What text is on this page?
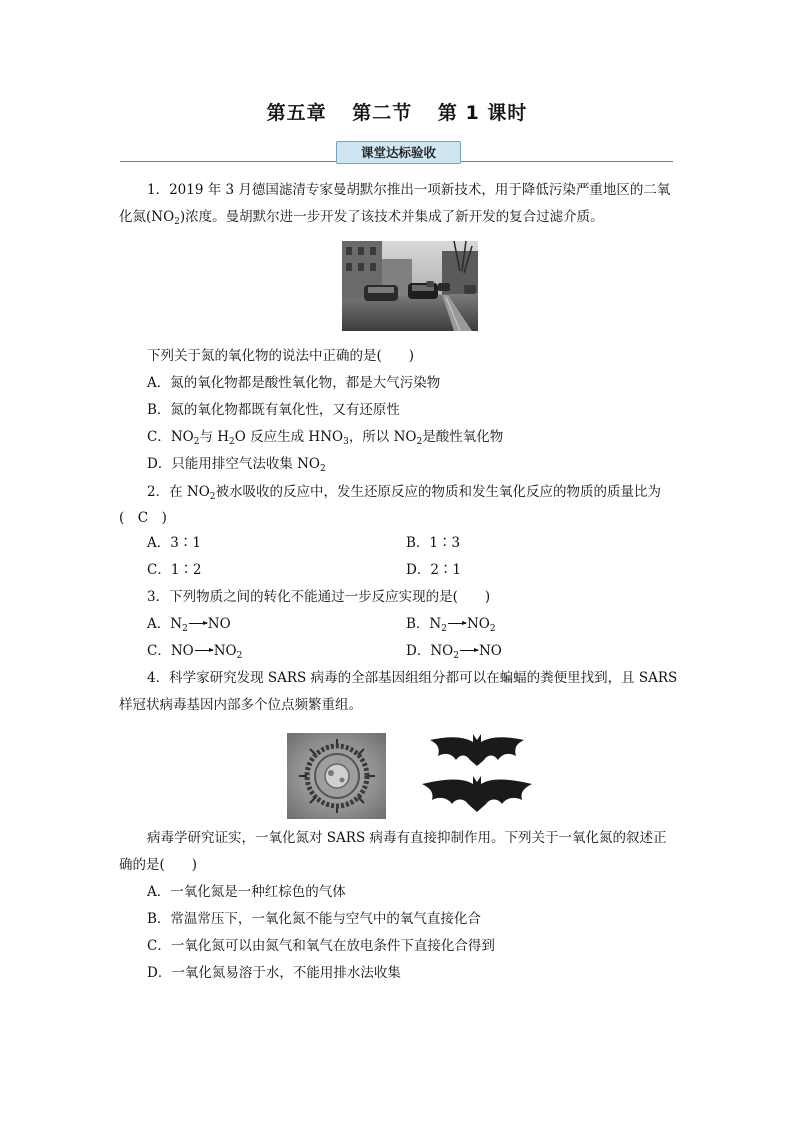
第五章 第二节 第 1 课时
课堂达标验收
1．2019 年 3 月德国滤清专家曼胡默尔推出一项新技术，用于降低污染严重地区的二氧
化氮$(NO_2)$浓度。曼胡默尔进一步开发了该技术并集成了新开发的复合过滤介质。
下列关于氮的氧化物的说法中正确的是(　　)
A．氮的氧化物都是酸性氧化物，都是大气污染物
B．氮的氧化物都既有氧化性，又有还原性
C．$NO_2$与 $H_2O$ 反应生成 $HNO_3$，所以 $NO_2$是酸性氧化物
D．只能用排空气法收集 $NO_2$
2．在 $NO_2$被水吸收的反应中，发生还原反应的物质和发生氧化反应的物质的质量比为
(　C　)
A．3∶1	B．1∶3
C．1∶2	D．2∶1
3．下列物质之间的转化不能通过一步反应实现的是(　　)
A．$N_2 \to NO$	B．$N_2 \to NO_2$
C．$NO\to NO_2$	D．$NO_2 \to NO$
4．科学家研究发现 SARS 病毒的全部基因组组分都可以在蝙蝠的粪便里找到，且 SARS
样冠状病毒基因内部多个位点频繁重组。
病毒学研究证实，一氧化氮对 SARS 病毒有直接抑制作用。下列关于一氧化氮的叙述正
确的是(　　)
A．一氧化氮是一种红棕色的气体
B．常温常压下，一氧化氮不能与空气中的氧气直接化合
C．一氧化氮可以由氮气和氧气在放电条件下直接化合得到
D．一氧化氮易溶于水，不能用排水法收集
